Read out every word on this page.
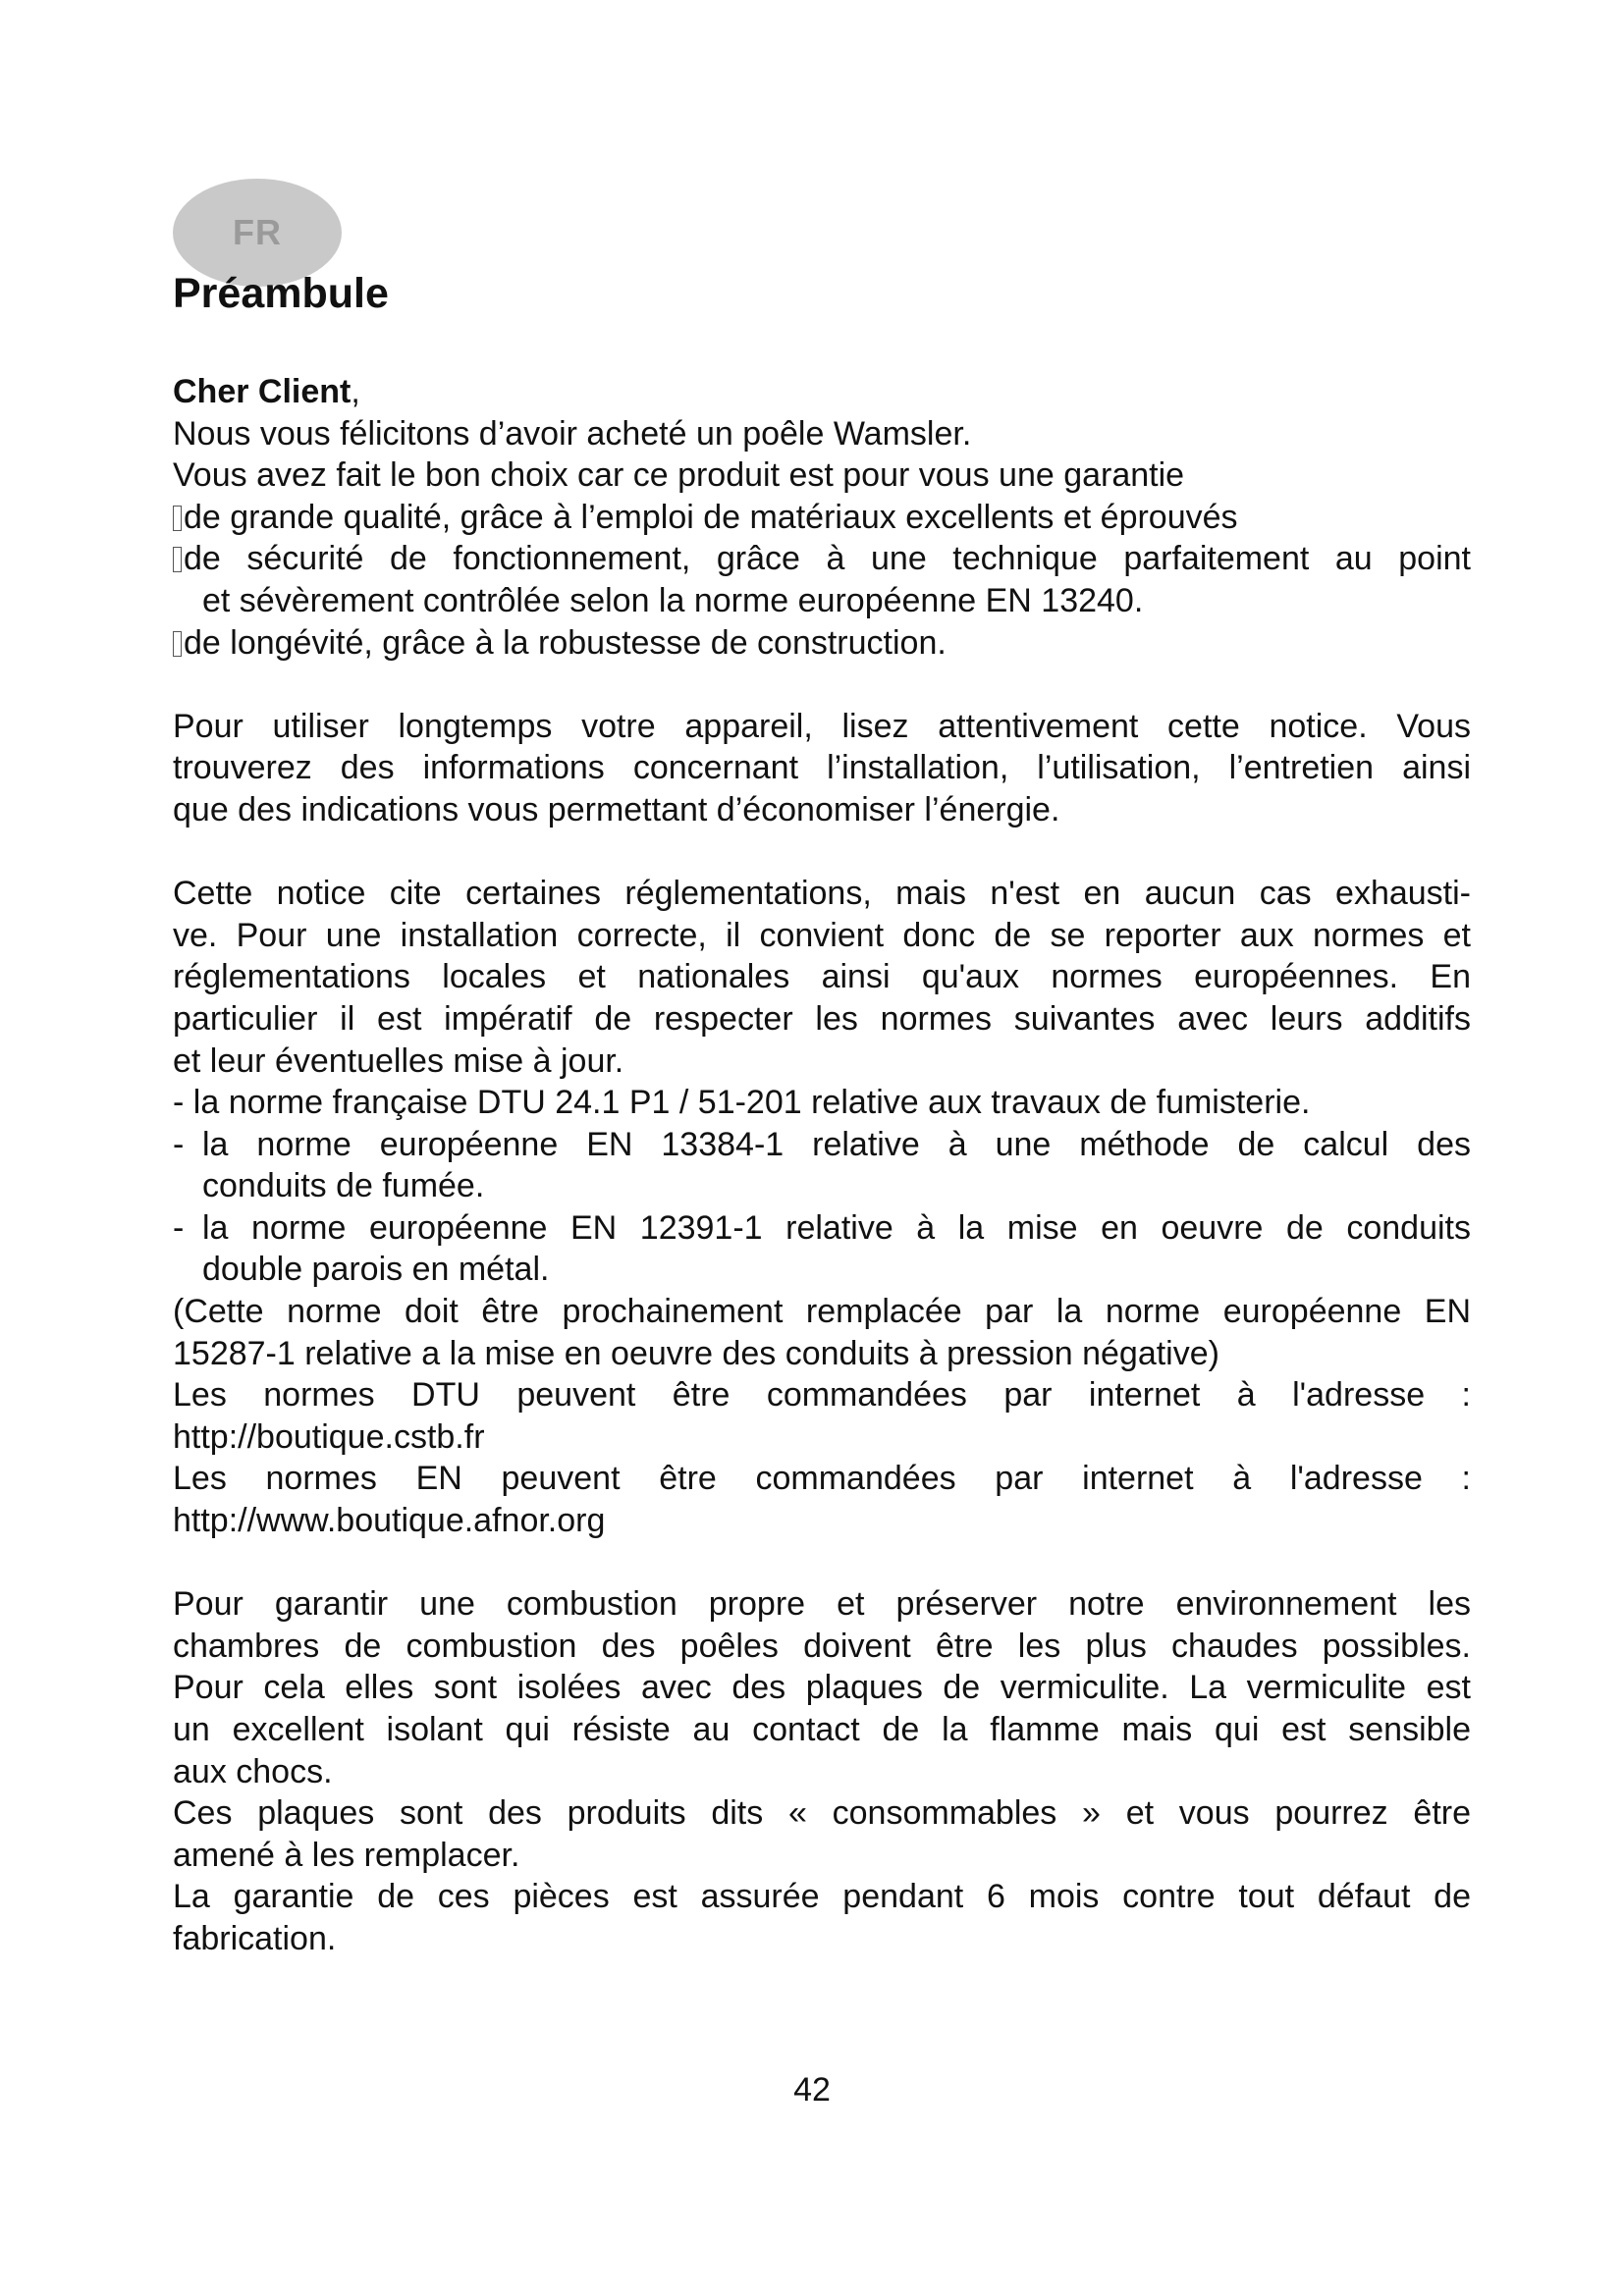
FR
Préambule

Cher Client,

Nous vous félicitons d’avoir acheté un poêle Wamsler.

Vous avez fait le bon choix car ce produit est pour vous une garantie

de grande qualité, grâce à l’emploi de matériaux excellents et éprouvés

de sécurité de fonctionnement, grâce à une technique parfaitement au point

et sévèrement contrôlée selon la norme européenne EN 13240.

de longévité, grâce à la robustesse de construction.

Pour utiliser longtemps votre appareil, lisez attentivement cette notice. Vous

trouverez des informations concernant l’installation, l’utilisation, l’entretien ainsi

que des indications vous permettant d’économiser l’énergie.

Cette notice cite certaines réglementations, mais n'est en aucun cas exhausti-

ve. Pour une installation correcte, il convient donc de se reporter aux normes et

réglementations locales et nationales ainsi qu'aux normes européennes. En

particulier il est impératif de respecter les normes suivantes avec leurs additifs

et leur éventuelles mise à jour.

- la norme française DTU 24.1 P1 / 51-201 relative aux travaux de fumisterie.

- la norme européenne EN 13384-1 relative à une méthode de calcul des

conduits de fumée.

- la norme européenne EN 12391-1 relative à la mise en oeuvre de conduits

double parois en métal.

(Cette norme doit être prochainement remplacée par la norme européenne EN

15287-1 relative a la mise en oeuvre des conduits à pression négative)

Les normes DTU peuvent être commandées par internet à l'adresse :

http://boutique.cstb.fr

Les normes EN peuvent être commandées par internet à l'adresse :

http://www.boutique.afnor.org

Pour garantir une combustion propre et préserver notre environnement les

chambres de combustion des poêles doivent être les plus chaudes possibles.

Pour cela elles sont isolées avec des plaques de vermiculite. La vermiculite est

un excellent isolant qui résiste au contact de la flamme mais qui est sensible

aux chocs.

Ces plaques sont des produits dits « consommables » et vous pourrez être

amené à les remplacer.

La garantie de ces pièces est assurée pendant 6 mois contre tout défaut de

fabrication.

42
